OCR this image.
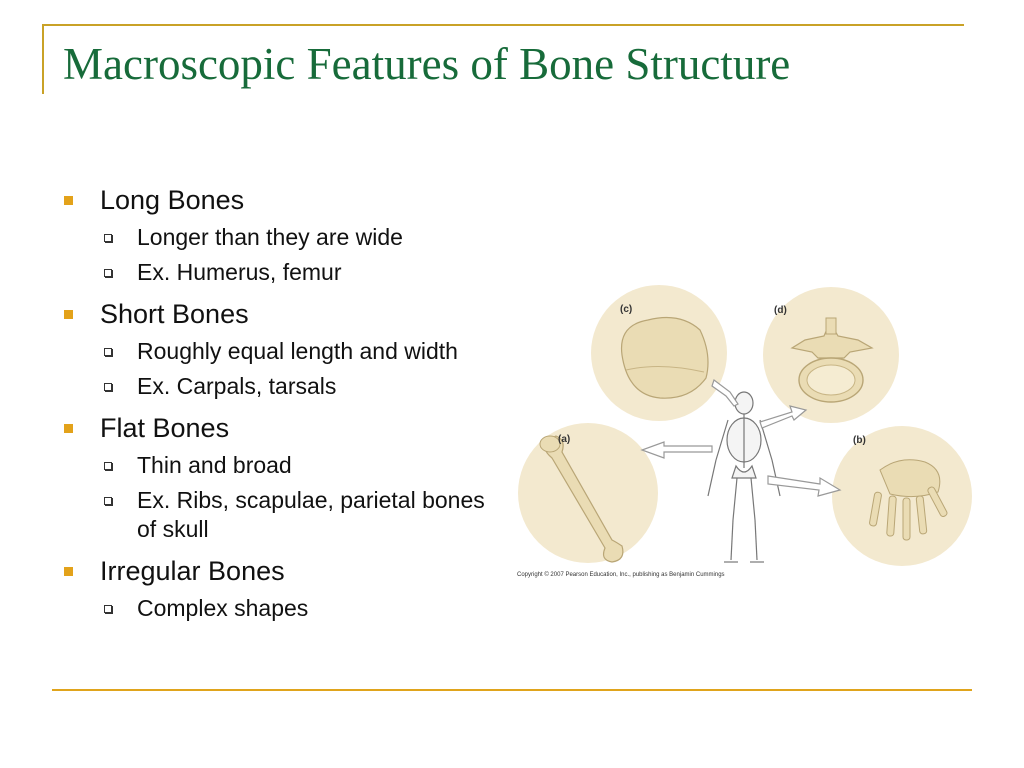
Macroscopic Features of Bone Structure
Long Bones
Longer than they are wide
Ex. Humerus, femur
Short Bones
Roughly equal length and width
Ex. Carpals, tarsals
Flat Bones
Thin and broad
Ex. Ribs, scapulae, parietal bones of skull
Irregular Bones
Complex shapes
(c)	(d)
(a)	(b)
Copyright © 2007 Pearson Education, Inc., publishing as Benjamin Cummings
